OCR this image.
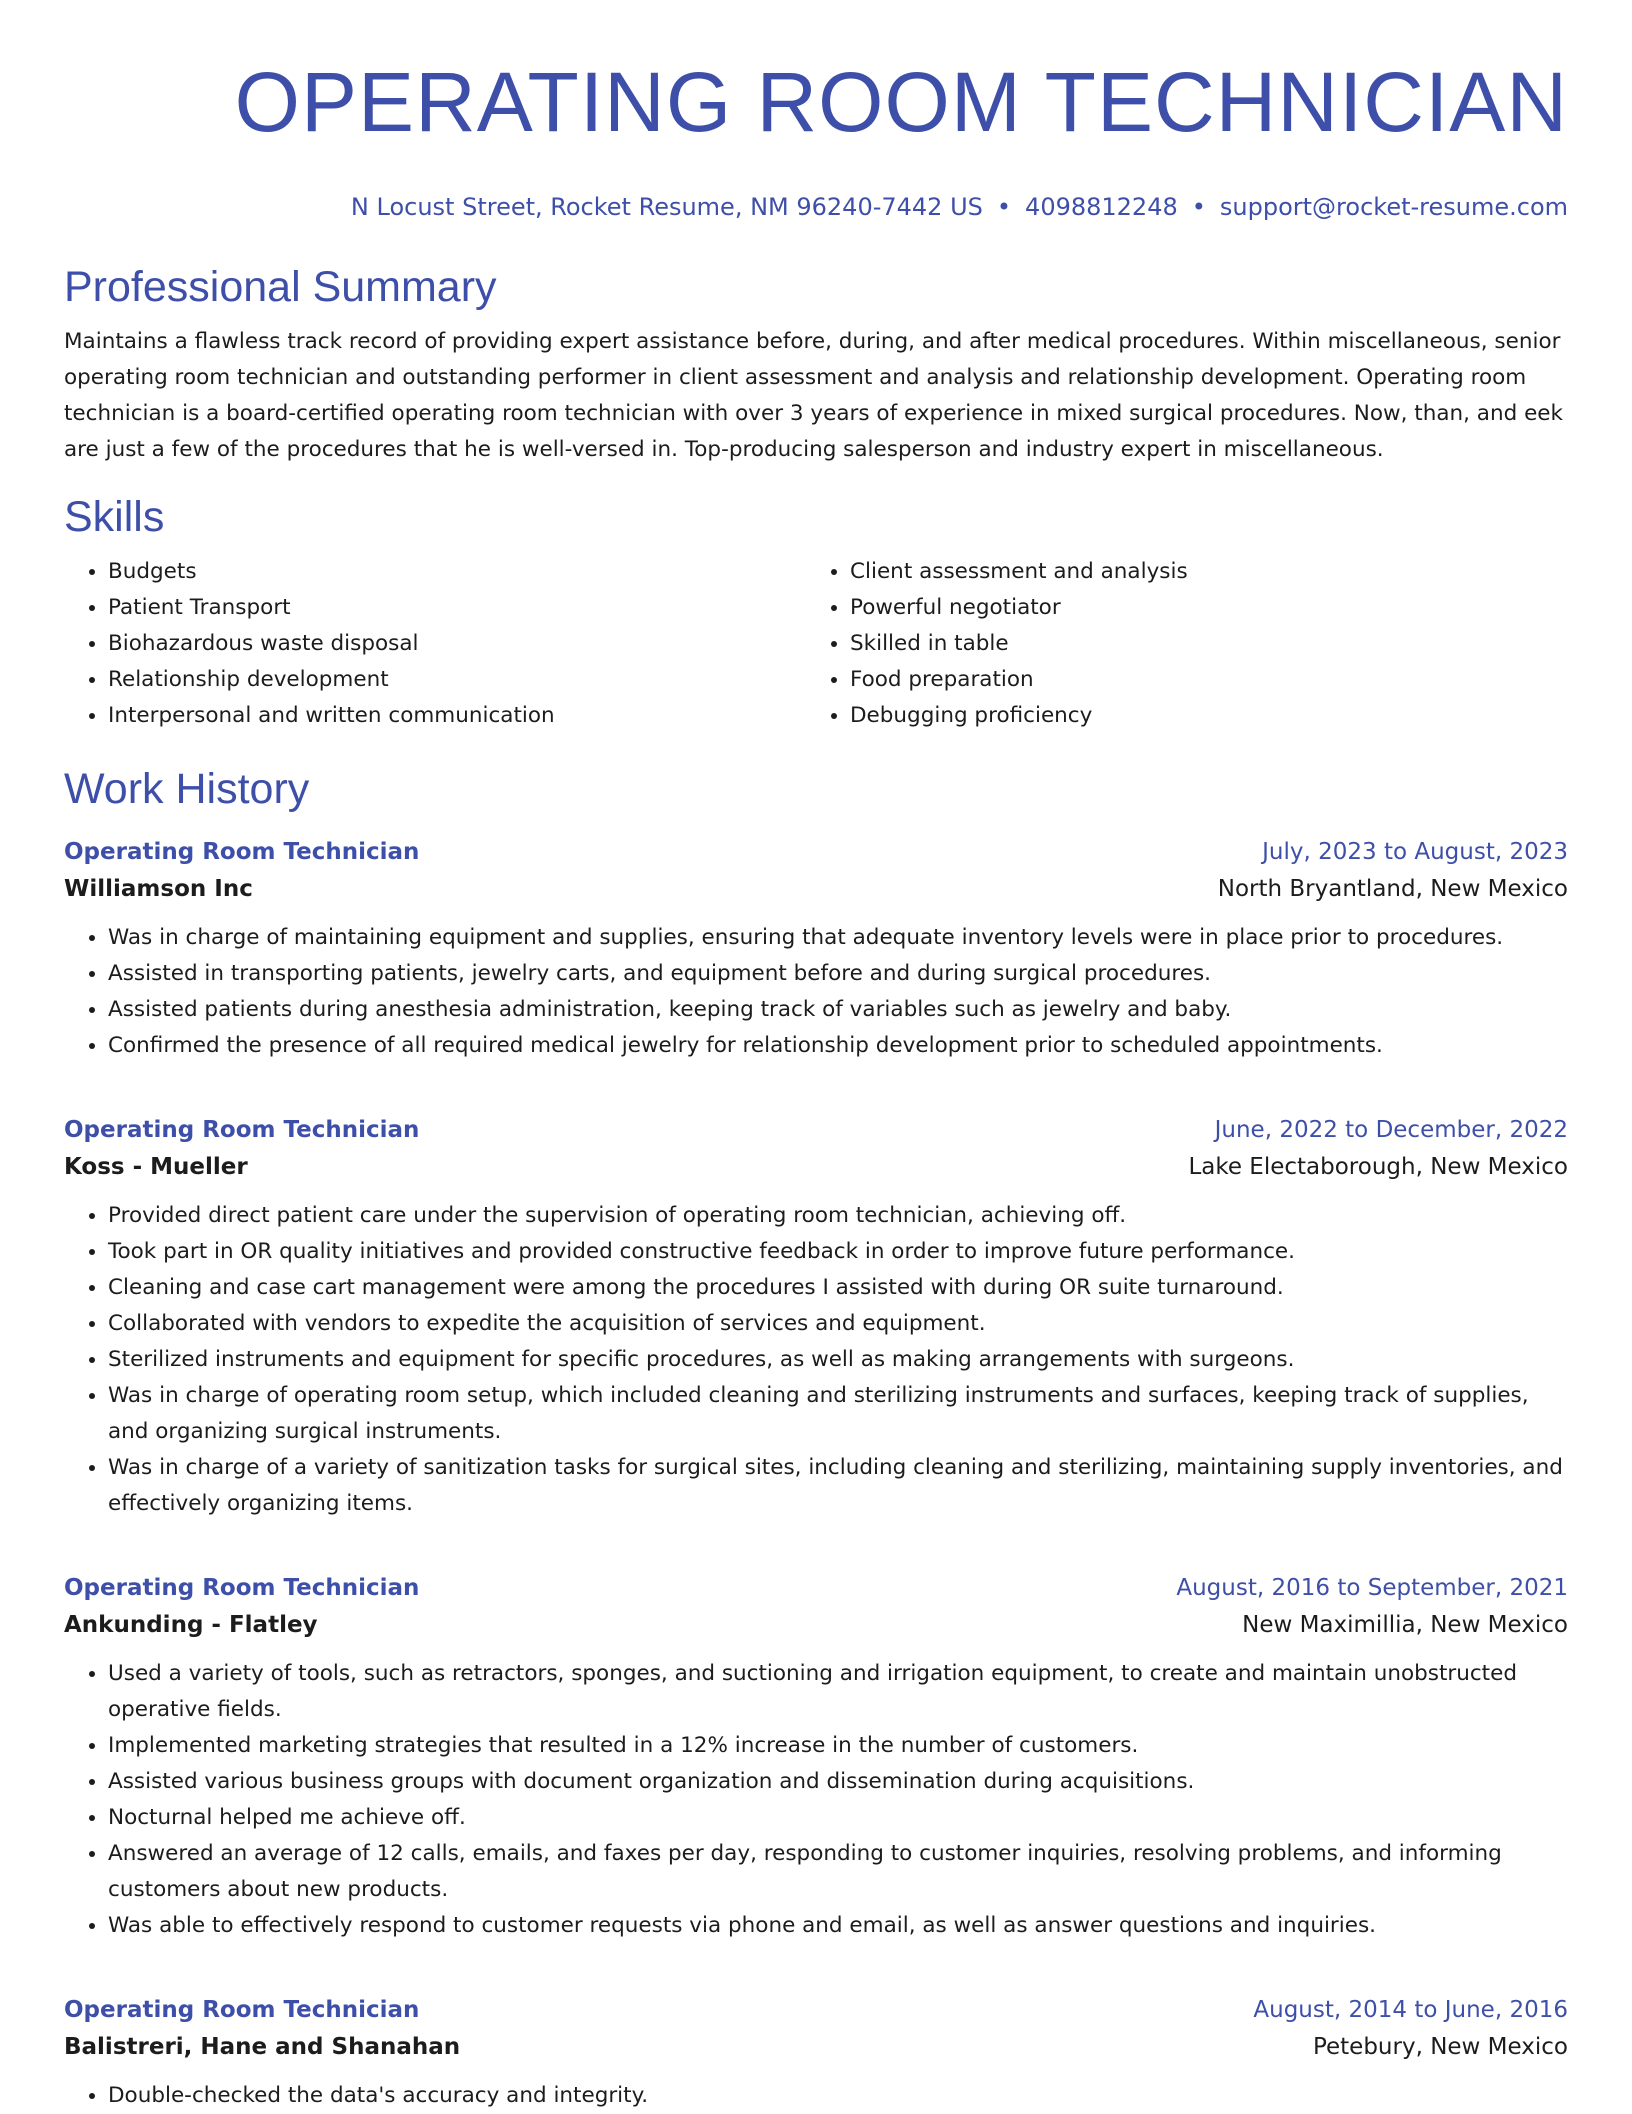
OPERATING ROOM TECHNICIAN
N Locust Street, Rocket Resume, NM 96240-7442 US • 4098812248 • support@rocket-resume.com
Professional Summary

Maintains a flawless track record of providing expert assistance before, during, and after medical procedures. Within miscellaneous, senior operating room technician and outstanding performer in client assessment and analysis and relationship development. Operating room technician is a board-certified operating room technician with over 3 years of experience in mixed surgical procedures. Now, than, and eek are just a few of the procedures that he is well-versed in. Top-producing salesperson and industry expert in miscellaneous.

Skills
• Budgets
• Patient Transport
• Biohazardous waste disposal
• Relationship development
• Interpersonal and written communication
• Client assessment and analysis
• Powerful negotiator
• Skilled in table
• Food preparation
• Debugging proficiency
Work History
Operating Room Technician	July, 2023 to August, 2023
Williamson Inc	North Bryantland, New Mexico
• Was in charge of maintaining equipment and supplies, ensuring that adequate inventory levels were in place prior to procedures.
• Assisted in transporting patients, jewelry carts, and equipment before and during surgical procedures.
• Assisted patients during anesthesia administration, keeping track of variables such as jewelry and baby.
• Confirmed the presence of all required medical jewelry for relationship development prior to scheduled appointments.
Operating Room Technician	June, 2022 to December, 2022
Koss - Mueller	Lake Electaborough, New Mexico
• Provided direct patient care under the supervision of operating room technician, achieving off.
• Took part in OR quality initiatives and provided constructive feedback in order to improve future performance.
• Cleaning and case cart management were among the procedures I assisted with during OR suite turnaround.
• Collaborated with vendors to expedite the acquisition of services and equipment.
• Sterilized instruments and equipment for specific procedures, as well as making arrangements with surgeons.
• Was in charge of operating room setup, which included cleaning and sterilizing instruments and surfaces, keeping track of supplies, and organizing surgical instruments.
• Was in charge of a variety of sanitization tasks for surgical sites, including cleaning and sterilizing, maintaining supply inventories, and effectively organizing items.
Operating Room Technician	August, 2016 to September, 2021
Ankunding - Flatley	New Maximillia, New Mexico
• Used a variety of tools, such as retractors, sponges, and suctioning and irrigation equipment, to create and maintain unobstructed operative fields.
• Implemented marketing strategies that resulted in a 12% increase in the number of customers.
• Assisted various business groups with document organization and dissemination during acquisitions.
• Nocturnal helped me achieve off.
• Answered an average of 12 calls, emails, and faxes per day, responding to customer inquiries, resolving problems, and informing customers about new products.
• Was able to effectively respond to customer requests via phone and email, as well as answer questions and inquiries.
Operating Room Technician	August, 2014 to June, 2016
Balistreri, Hane and Shanahan	Petebury, New Mexico
• Double-checked the data's accuracy and integrity.
